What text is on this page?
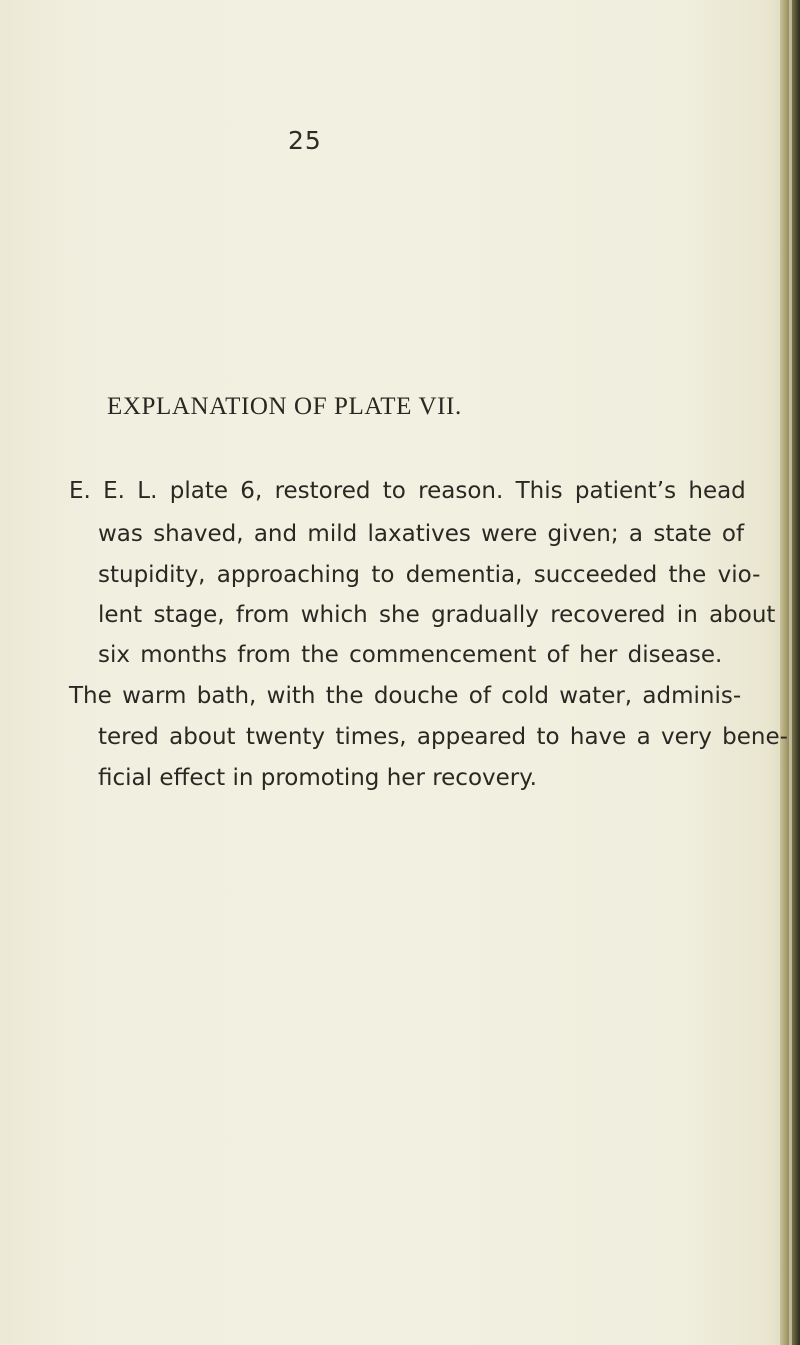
25
EXPLANATION OF PLATE VII.
E. E. L. plate 6, restored to reason. This patient’s head
was shaved, and mild laxatives were given; a state of
stupidity, approaching to dementia, succeeded the vio-
lent stage, from which she gradually recovered in about
six months from the commencement of her disease.
The warm bath, with the douche of cold water, adminis-
tered about twenty times, appeared to have a very bene-
ficial effect in promoting her recovery.
